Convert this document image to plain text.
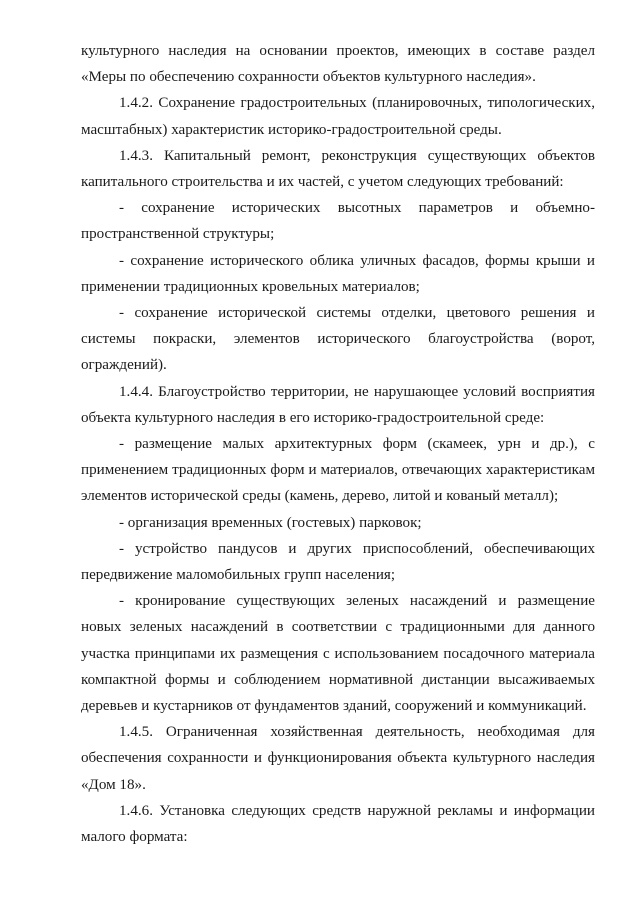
культурного наследия на основании проектов, имеющих в составе раздел «Меры по обеспечению сохранности объектов культурного наследия».

1.4.2. Сохранение градостроительных (планировочных, типологических, масштабных) характеристик историко-градостроительной среды.

1.4.3. Капитальный ремонт, реконструкция существующих объектов капитального строительства и их частей, с учетом следующих требований:

- сохранение исторических высотных параметров и объемно-пространственной структуры;

- сохранение исторического облика уличных фасадов, формы крыши и применении традиционных кровельных материалов;

- сохранение исторической системы отделки, цветового решения и системы покраски, элементов исторического благоустройства (ворот, ограждений).

1.4.4. Благоустройство территории, не нарушающее условий восприятия объекта культурного наследия в его историко-градостроительной среде:

- размещение малых архитектурных форм (скамеек, урн и др.), с применением традиционных форм и материалов, отвечающих характеристикам элементов исторической среды (камень, дерево, литой и кованый металл);

- организация временных (гостевых) парковок;

- устройство пандусов и других приспособлений, обеспечивающих передвижение маломобильных групп населения;

- кронирование существующих зеленых насаждений и размещение новых зеленых насаждений в соответствии с традиционными для данного участка принципами их размещения с использованием посадочного материала компактной формы и соблюдением нормативной дистанции высаживаемых деревьев и кустарников от фундаментов зданий, сооружений и коммуникаций.

1.4.5. Ограниченная хозяйственная деятельность, необходимая для обеспечения сохранности и функционирования объекта культурного наследия «Дом 18».

1.4.6. Установка следующих средств наружной рекламы и информации малого формата:
